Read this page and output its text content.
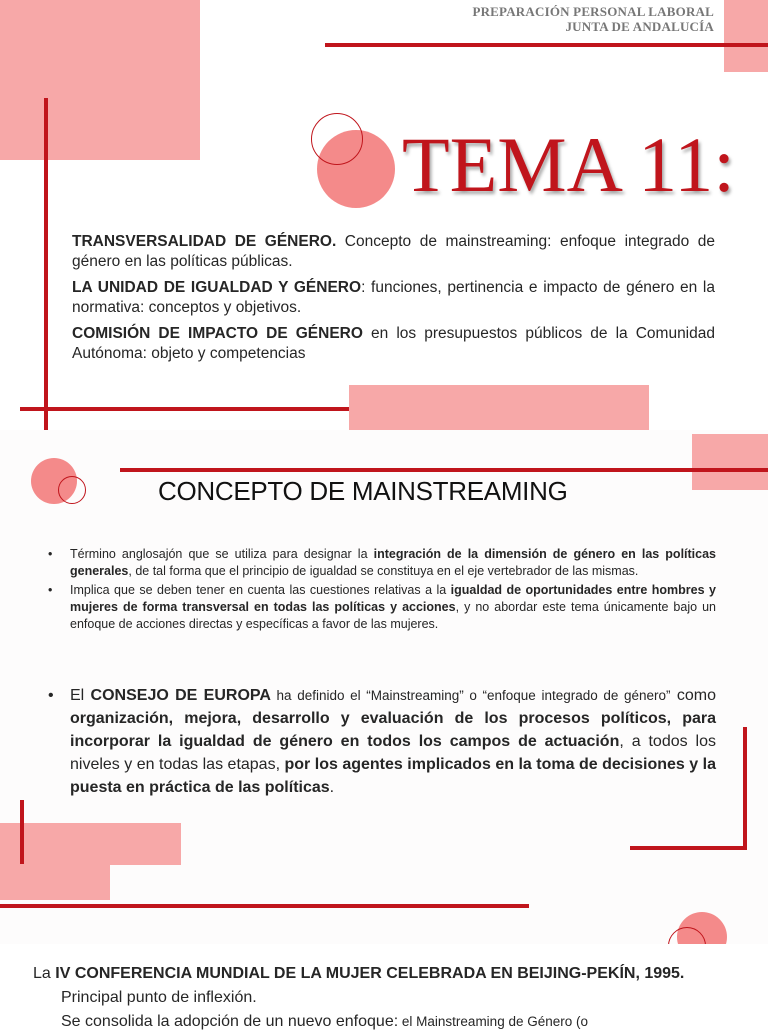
PREPARACIÓN PERSONAL LABORAL
JUNTA DE ANDALUCÍA
TEMA 11:

TRANSVERSALIDAD DE GÉNERO. Concepto de mainstreaming: enfoque integrado de género en las políticas públicas.

LA UNIDAD DE IGUALDAD Y GÉNERO: funciones, pertinencia e impacto de género en la normativa: conceptos y objetivos.

COMISIÓN DE IMPACTO DE GÉNERO en los presupuestos públicos de la Comunidad Autónoma: objeto y competencias

CONCEPTO DE MAINSTREAMING
• Término anglosajón que se utiliza para designar la integración de la dimensión de género en las políticas generales, de tal forma que el principio de igualdad se constituya en el eje vertebrador de las mismas.
• Implica que se deben tener en cuenta las cuestiones relativas a la igualdad de oportunidades entre hombres y mujeres de forma transversal en todas las políticas y acciones, y no abordar este tema únicamente bajo un enfoque de acciones directas y específicas a favor de las mujeres.
• El CONSEJO DE EUROPA ha definido el “Mainstreaming” o “enfoque integrado de género” como organización, mejora, desarrollo y evaluación de los procesos políticos, para incorporar la igualdad de género en todos los campos de actuación, a todos los niveles y en todas las etapas, por los agentes implicados en la toma de decisiones y la puesta en práctica de las políticas.
La IV CONFERENCIA MUNDIAL DE LA MUJER CELEBRADA EN BEIJING-PEKÍN, 1995.
Principal punto de inflexión.
Se consolida la adopción de un nuevo enfoque: el Mainstreaming de Género (o
